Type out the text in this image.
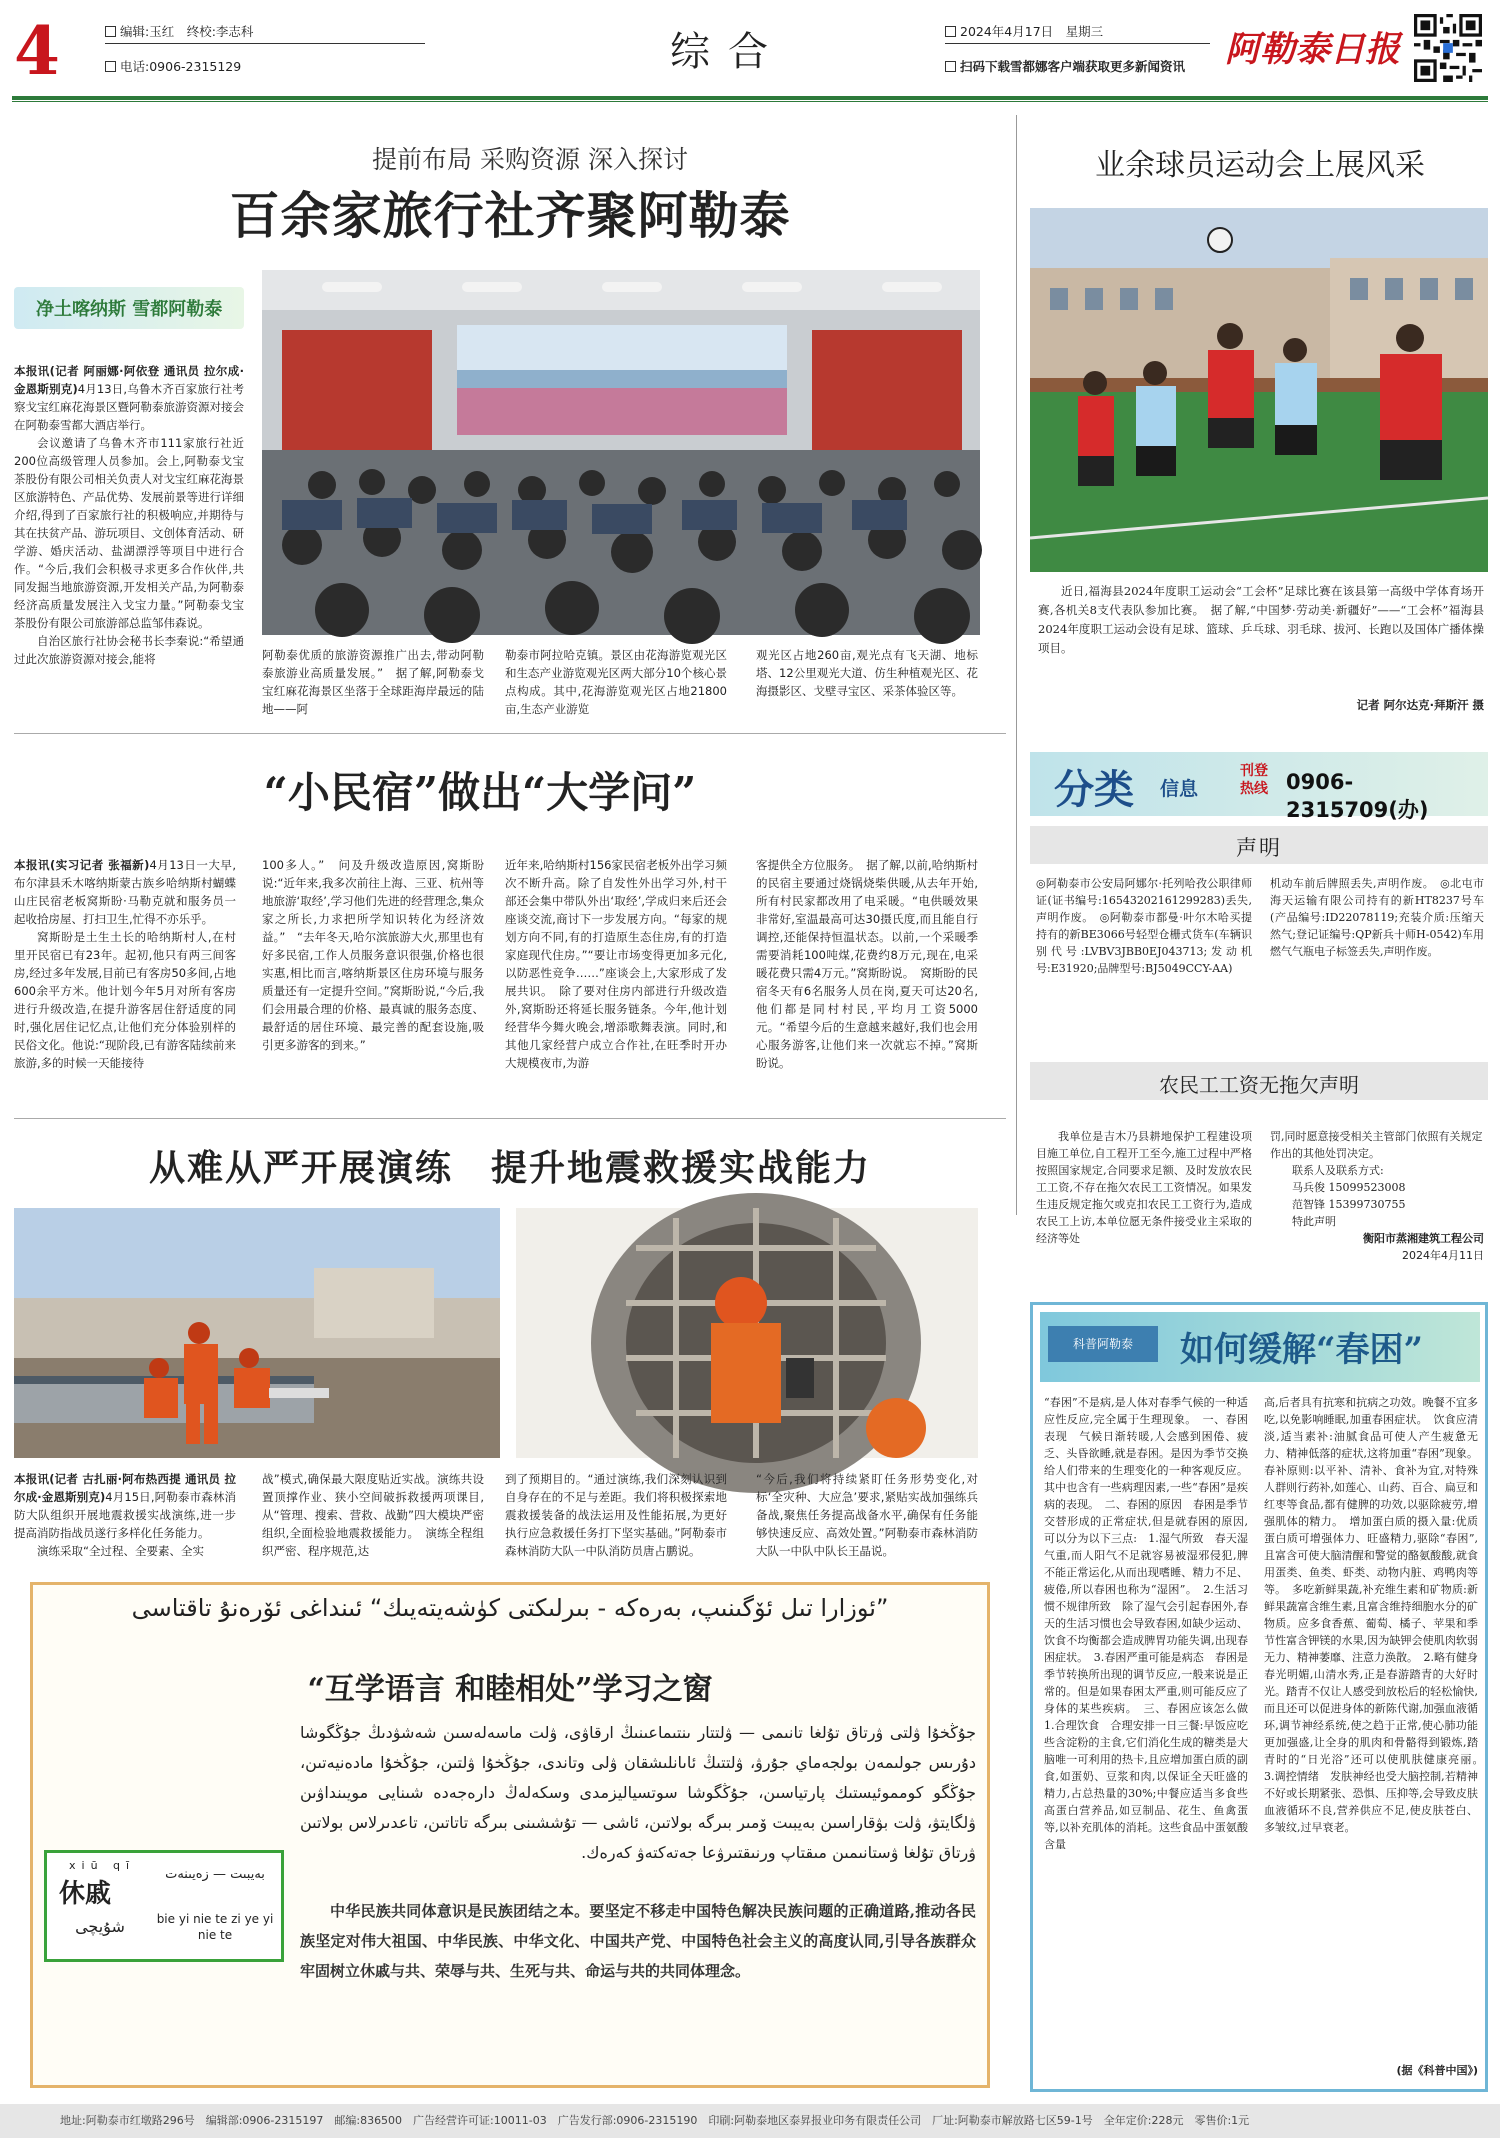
4	编辑:玉红　终校:李志科
电话:0906-2315129	综合	2024年4月17日　星期三
扫码下载雪都娜客户端获取更多新闻资讯 阿勒泰日报
提前布局 采购资源 深入探讨
百余家旅行社齐聚阿勒泰
净土喀纳斯 雪都阿勒泰

本报讯(记者 阿丽娜·阿依登 通讯员 拉尔成·金恩斯别克)4月13日,乌鲁木齐百家旅行社考察戈宝红麻花海景区暨阿勒泰旅游资源对接会在阿勒泰雪都大酒店举行。

会议邀请了乌鲁木齐市111家旅行社近200位高级管理人员参加。会上,阿勒泰戈宝茶股份有限公司相关负责人对戈宝红麻花海景区旅游特色、产品优势、发展前景等进行详细介绍,得到了百家旅行社的积极响应,并期待与其在扶贫产品、游玩项目、文创体育活动、研学游、婚庆活动、盐湖漂浮等项目中进行合作。“今后,我们会积极寻求更多合作伙伴,共同发掘当地旅游资源,开发相关产品,为阿勒泰经济高质量发展注入戈宝力量。”阿勒泰戈宝茶股份有限公司旅游部总监邹伟森说。

自治区旅行社协会秘书长李秦说:“希望通过此次旅游资源对接会,能将	阿勒泰优质的旅游资源推广出去,带动阿勒泰旅游业高质量发展。”　据了解,阿勒泰戈宝红麻花海景区坐落于全球距海岸最远的陆地——阿
勒泰市阿拉哈克镇。景区由花海游览观光区和生态产业游览观光区两大部分10个核心景点构成。其中,花海游览观光区占地21800亩,生态产业游览
观光区占地260亩,观光点有飞天湖、地标塔、12公里观光大道、仿生种植观光区、花海摄影区、戈壁寻宝区、采茶体验区等。
业余球员运动会上展风采
近日,福海县2024年度职工运动会“工会杯”足球比赛在该县第一高级中学体育场开赛,各机关8支代表队参加比赛。　据了解,“中国梦·劳动美·新疆好”——“工会杯”福海县2024年度职工运动会设有足球、篮球、乒乓球、羽毛球、拔河、长跑以及国体广播体操项目。
记者 阿尔达克·拜斯汗 摄
“小民宿”做出“大学问”

本报讯(实习记者 张福新)4月13日一大早,布尔津县禾木喀纳斯蒙古族乡哈纳斯村蝴蝶山庄民宿老板窝斯盼·马勒克就和服务员一起收拾房屋、打扫卫生,忙得不亦乐乎。

窝斯盼是土生土长的哈纳斯村人,在村里开民宿已有23年。起初,他只有两三间客房,经过多年发展,目前已有客房50多间,占地600余平方米。他计划今年5月对所有客房进行升级改造,在提升游客居住舒适度的同时,强化居住记忆点,让他们充分体验别样的民俗文化。他说:“现阶段,已有游客陆续前来旅游,多的时候一天能接待

100多人。”　问及升级改造原因,窝斯盼说:“近年来,我多次前往上海、三亚、杭州等地旅游‘取经’,学习他们先进的经营理念,集众家之所长,力求把所学知识转化为经济效益。”　“去年冬天,哈尔滨旅游大火,那里也有好多民宿,工作人员服务意识很强,价格也很实惠,相比而言,喀纳斯景区住房环境与服务质量还有一定提升空间。”窝斯盼说,“今后,我们会用最合理的价格、最真诚的服务态度、最舒适的居住环境、最完善的配套设施,吸引更多游客的到来。”
近年来,哈纳斯村156家民宿老板外出学习频次不断升高。除了自发性外出学习外,村干部还会集中带队外出‘取经’,学成归来后还会座谈交流,商讨下一步发展方向。“每家的规划方向不同,有的打造原生态住房,有的打造家庭现代住房。”“要让市场变得更加多元化,以防恶性竞争……”座谈会上,大家形成了发展共识。　除了要对住房内部进行升级改造外,窝斯盼还将延长服务链条。今年,他计划经营华今舞火晚会,增添歌舞表演。同时,和其他几家经营户成立合作社,在旺季时开办大规模夜市,为游
客提供全方位服务。　据了解,以前,哈纳斯村的民宿主要通过烧锅烧柴供暖,从去年开始,所有村民家都改用了电采暖。“电供暖效果非常好,室温最高可达30摄氏度,而且能自行调控,还能保持恒温状态。以前,一个采暖季需要消耗100吨煤,花费约8万元,现在,电采暖花费只需4万元。”窝斯盼说。　窝斯盼的民宿冬天有6名服务人员在岗,夏天可达20名,他们都是同村村民,平均月工资5000元。“希望今后的生意越来越好,我们也会用心服务游客,让他们来一次就忘不掉。”窝斯盼说。
分类 信息
刊登热线 0906-2315709(办)
声明
◎阿勒泰市公安局阿娜尔·托列哈孜公职律师证(证书编号:16543202161299283)丢失,声明作废。　◎阿勒泰市都曼·叶尔木哈买提持有的新BE3066号轻型仓栅式货车(车辆识别代号:LVBV3JBB0EJ043713;发动机号:E31920;品牌型号:BJ5049CCY-AA)
机动车前后牌照丢失,声明作废。　◎北屯市海天运输有限公司持有的新HT8237号车(产品编号:ID22078119;充装介质:压缩天然气;登记证编号:QP新兵十师H-0542)车用燃气气瓶电子标签丢失,声明作废。
农民工工资无拖欠声明
我单位是吉木乃县耕地保护工程建设项目施工单位,自工程开工至今,施工过程中严格按照国家规定,合同要求足额、及时发放农民工工资,不存在拖欠农民工工资情况。如果发生违反规定拖欠或克扣农民工工资行为,造成农民工上访,本单位愿无条件接受业主采取的经济等处
罚,同时愿意接受相关主管部门依照有关规定作出的其他处罚决定。
联系人及联系方式:
马兵俊 15099523008
范智锋 15399730755
特此声明
衡阳市蒸湘建筑工程公司
2024年4月11日
从难从严开展演练　提升地震救援实战能力

本报讯(记者 古扎丽·阿布热西提 通讯员 拉尔成·金恩斯别克)4月15日,阿勒泰市森林消防大队组织开展地震救援实战演练,进一步提高消防指战员遂行多样化任务能力。

演练采取“全过程、全要素、全实

战”模式,确保最大限度贴近实战。演练共设置顶撑作业、狭小空间破拆救援两项课目,从“管理、搜索、营救、战勤”四大模块严密组织,全面检验地震救援能力。　演练全程组织严密、程序规范,达
到了预期目的。“通过演练,我们深刻认识到自身存在的不足与差距。我们将积极探索地震救援装备的战法运用及性能拓展,为更好执行应急救援任务打下坚实基础。”阿勒泰市森林消防大队一中队消防员唐占鹏说。
“今后,我们将持续紧盯任务形势变化,对标‘全灾种、大应急’要求,紧贴实战加强练兵备战,聚焦任务提高战备水平,确保有任务能够快速反应、高效处置。”阿勒泰市森林消防大队一中队中队长王晶说。
科普阿勒泰	如何缓解“春困”
“春困”不是病,是人体对春季气候的一种适应性反应,完全属于生理现象。　一、春困表现　气候日渐转暖,人会感到困倦、疲乏、头昏欲睡,就是春困。是因为季节交换给人们带来的生理变化的一种客观反应。其中也含有一些病理因素,一些“春困”是疾病的表现。　二、春困的原因　春困是季节交替形成的正常症状,但是就春困的原因,可以分为以下三点:　1.湿气所致　春天湿气重,而人阳气不足就容易被湿邪侵犯,脾不能正常运化,从而出现嗜睡、精力不足、疲倦,所以春困也称为“湿困”。　2.生活习惯不规律所致　除了湿气会引起春困外,春天的生活习惯也会导致春困,如缺少运动、饮食不均衡都会造成脾胃功能失调,出现春困症状。　3.春困严重可能是病态　春困是季节转换所出现的调节反应,一般来说是正常的。但是如果春困太严重,则可能反应了身体的某些疾病。　三、春困应该怎么做　1.合理饮食　合理安排一日三餐:早饭应吃些含淀粉的主食,它们消化生成的糖类是大脑唯一可利用的热卡,且应增加蛋白质的副食,如蛋奶、豆浆和肉,以保证全天旺盛的精力,占总热量的30%;中餐应适当多食些高蛋白营养品,如豆制品、花生、鱼禽蛋等,以补充肌体的消耗。这些食品中蛋氨酸含量
高,后者具有抗寒和抗病之功效。晚餐不宜多吃,以免影响睡眠,加重春困症状。　饮食应清淡,适当素补:油腻食品可使人产生疲惫无力、精神低落的症状,这将加重“春困”现象。春补原则:以平补、清补、食补为宜,对特殊人群则行药补,如莲心、山药、百合、扁豆和红枣等食品,都有健脾的功效,以驱除疲劳,增强肌体的精力。　增加蛋白质的摄入量:优质蛋白质可增强体力、旺盛精力,驱除“春困”,且富含可使大脑清醒和警觉的酪氨酸酸,就食用蛋类、鱼类、虾类、动物内脏、鸡鸭肉等等。　多吃新鲜果蔬,补充维生素和矿物质:新鲜果蔬富含维生素,且富含维持细胞水分的矿物质。应多食香蕉、葡萄、橘子、苹果和季节性富含钾镁的水果,因为缺钾会使肌肉软弱无力、精神萎靡、注意力涣散。　2.略有健身　春光明媚,山清水秀,正是春游踏青的大好时光。踏青不仅让人感受到放松后的轻松愉快,而且还可以促进身体的新陈代谢,加强血液循环,调节神经系统,使之趋于正常,使心肺功能更加强盛,让全身的肌肉和骨骼得到锻炼,踏青时的“日光浴”还可以使肌肤健康亮丽。　3.调控情绪　发肤神经也受大脑控制,若精神不好或长期紧张、恐惧、压抑等,会导致皮肤血液循环不良,营养供应不足,使皮肤苍白、多皱纹,过早衰老。
(据《科普中国》)
”ئوزارا تىل ئۆگىنىپ، بەرەكە - بىرلىكتى كۈشەيتەيىك“ ئىنداغى ئۆرەنۇ تاقتاسى
“互学语言 和睦相处”学习之窗
جۇڭخۇا ۋلتى ۋرتاق تۇلغا تانىمى — ۋلتتار ىنتىماعىنىڭ ارقاۋى، ۋلت ماسەلەسىن شەشۋدىڭ جۇڭگوشا دۇرىس جولىمەن بولجەماي جۇرۋ، ۋلتتىڭ ئاىانلىشقان ۋلى وتاندى، جۇڭخۇا ۋلتىن، جۇڭخۇا مادەنيەتىن، جۇڭگو كومموئيستىك پارتياسىن، جۇڭگوشا سوتسياليزمدى وسكەلەڭ دارەجەدە شىنايى مويىنداۋىن ۋلگايتۋ، ۋلت بۋقاراسىن بەيبىت ۆمىر بىرگە بولاتىن، ئاشى — تۇششىنى بىرگە تاتاتىن، تاعدىرلاس بولاتىن ۋرتاق تۇلغا ۋستانىمىن مىقتاپ ورنىقتىرۋعا جەتەكتەۋ كەرەك.
xiū qī
休戚
شۇيچى
بەيبىت — زەيىنەت
bie yi nie te zi ye yi nie te
中华民族共同体意识是民族团结之本。要坚定不移走中国特色解决民族问题的正确道路,推动各民族坚定对伟大祖国、中华民族、中华文化、中国共产党、中国特色社会主义的高度认同,引导各族群众牢固树立休戚与共、荣辱与共、生死与共、命运与共的共同体理念。
地址:阿勒泰市红墩路296号　编辑部:0906-2315197　邮编:836500　广告经营许可证:10011-03　广告发行部:0906-2315190　印刷:阿勒泰地区泰昇报业印务有限责任公司　厂址:阿勒泰市解放路七区59-1号　全年定价:228元　零售价:1元
